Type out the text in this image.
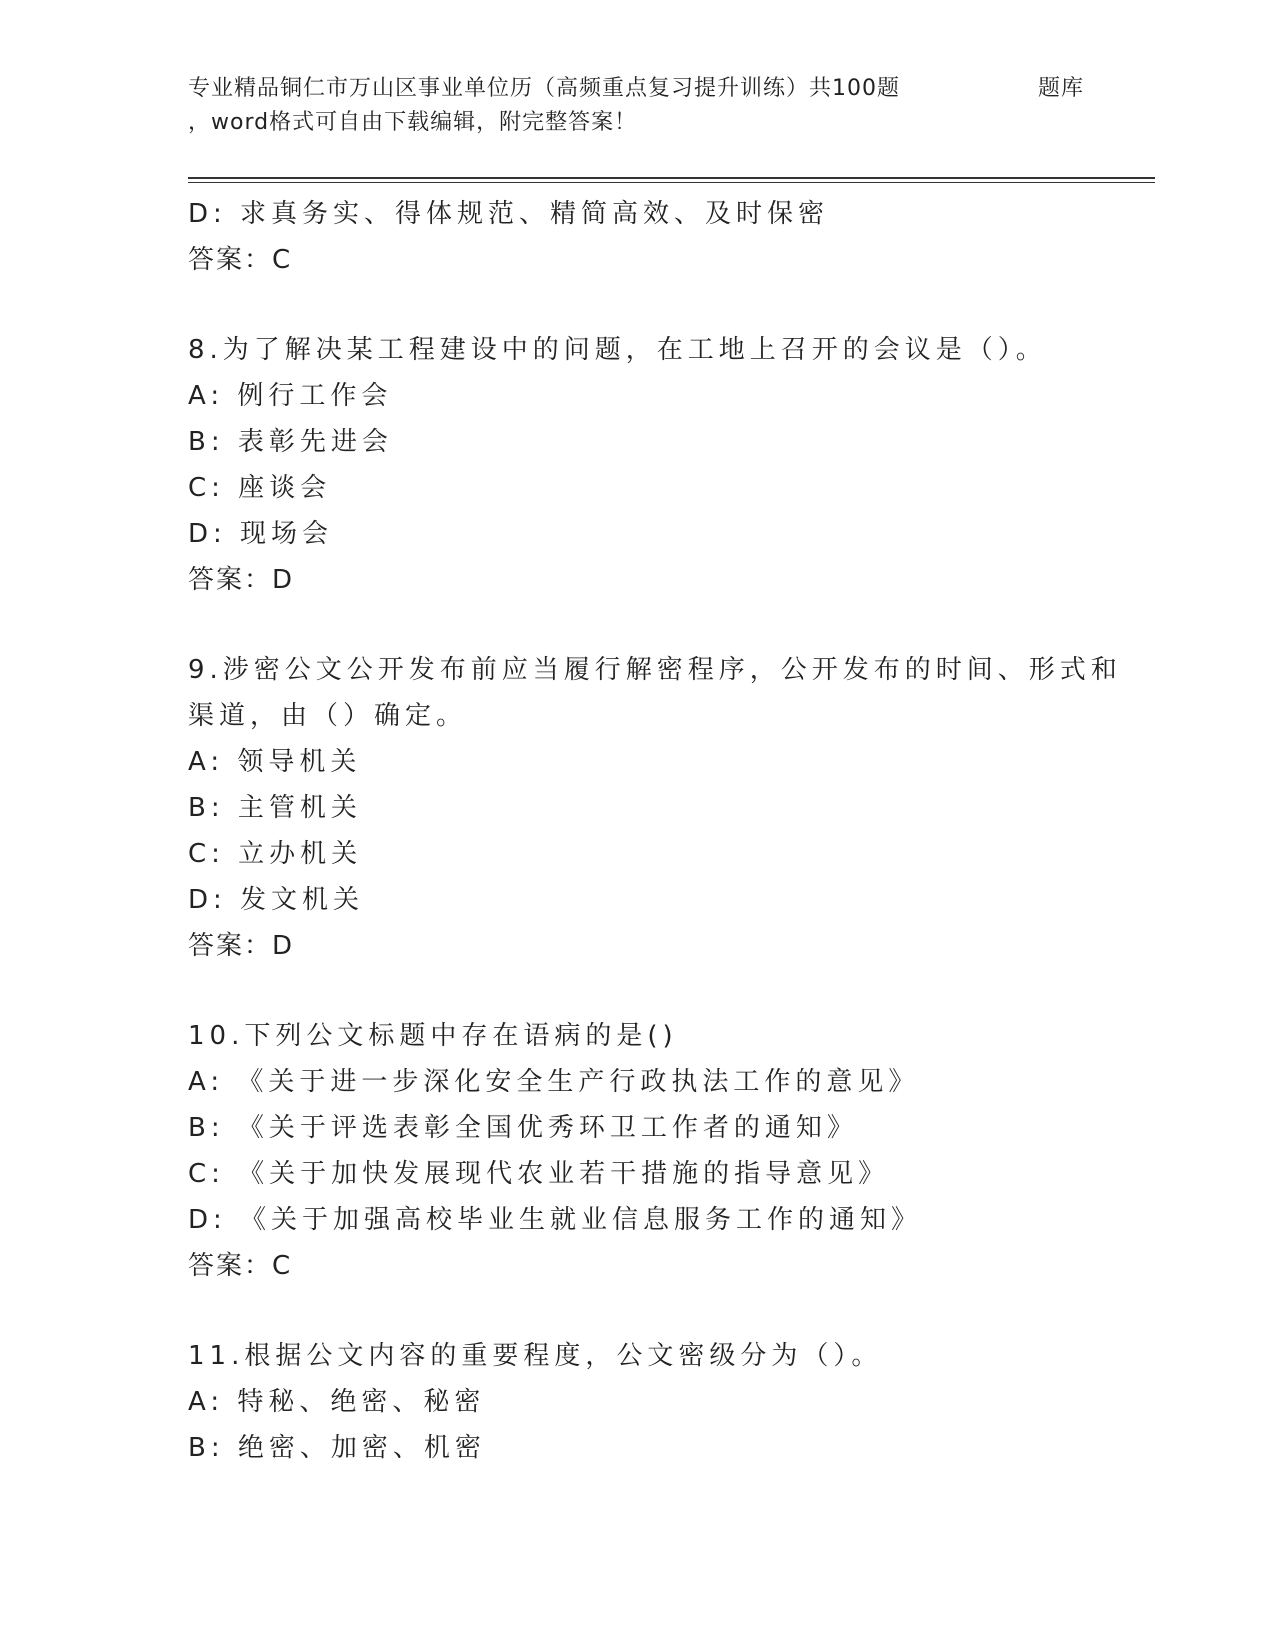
专业精品铜仁市万山区事业单位历（高频重点复习提升训练）共100题	题库
，word格式可自由下载编辑，附完整答案！
D: 求真务实、得体规范、精简高效、及时保密
答案：C
8.为了解决某工程建设中的问题，在工地上召开的会议是（）。
A: 例行工作会
B: 表彰先进会
C: 座谈会
D: 现场会
答案：D
9.涉密公文公开发布前应当履行解密程序，公开发布的时间、形式和
渠道，由（）确定。
A: 领导机关
B: 主管机关
C: 立办机关
D: 发文机关
答案：D
10.下列公文标题中存在语病的是()
A: 《关于进一步深化安全生产行政执法工作的意见》
B: 《关于评选表彰全国优秀环卫工作者的通知》
C: 《关于加快发展现代农业若干措施的指导意见》
D: 《关于加强高校毕业生就业信息服务工作的通知》
答案：C
11.根据公文内容的重要程度，公文密级分为（）。
A: 特秘、绝密、秘密
B: 绝密、加密、机密
